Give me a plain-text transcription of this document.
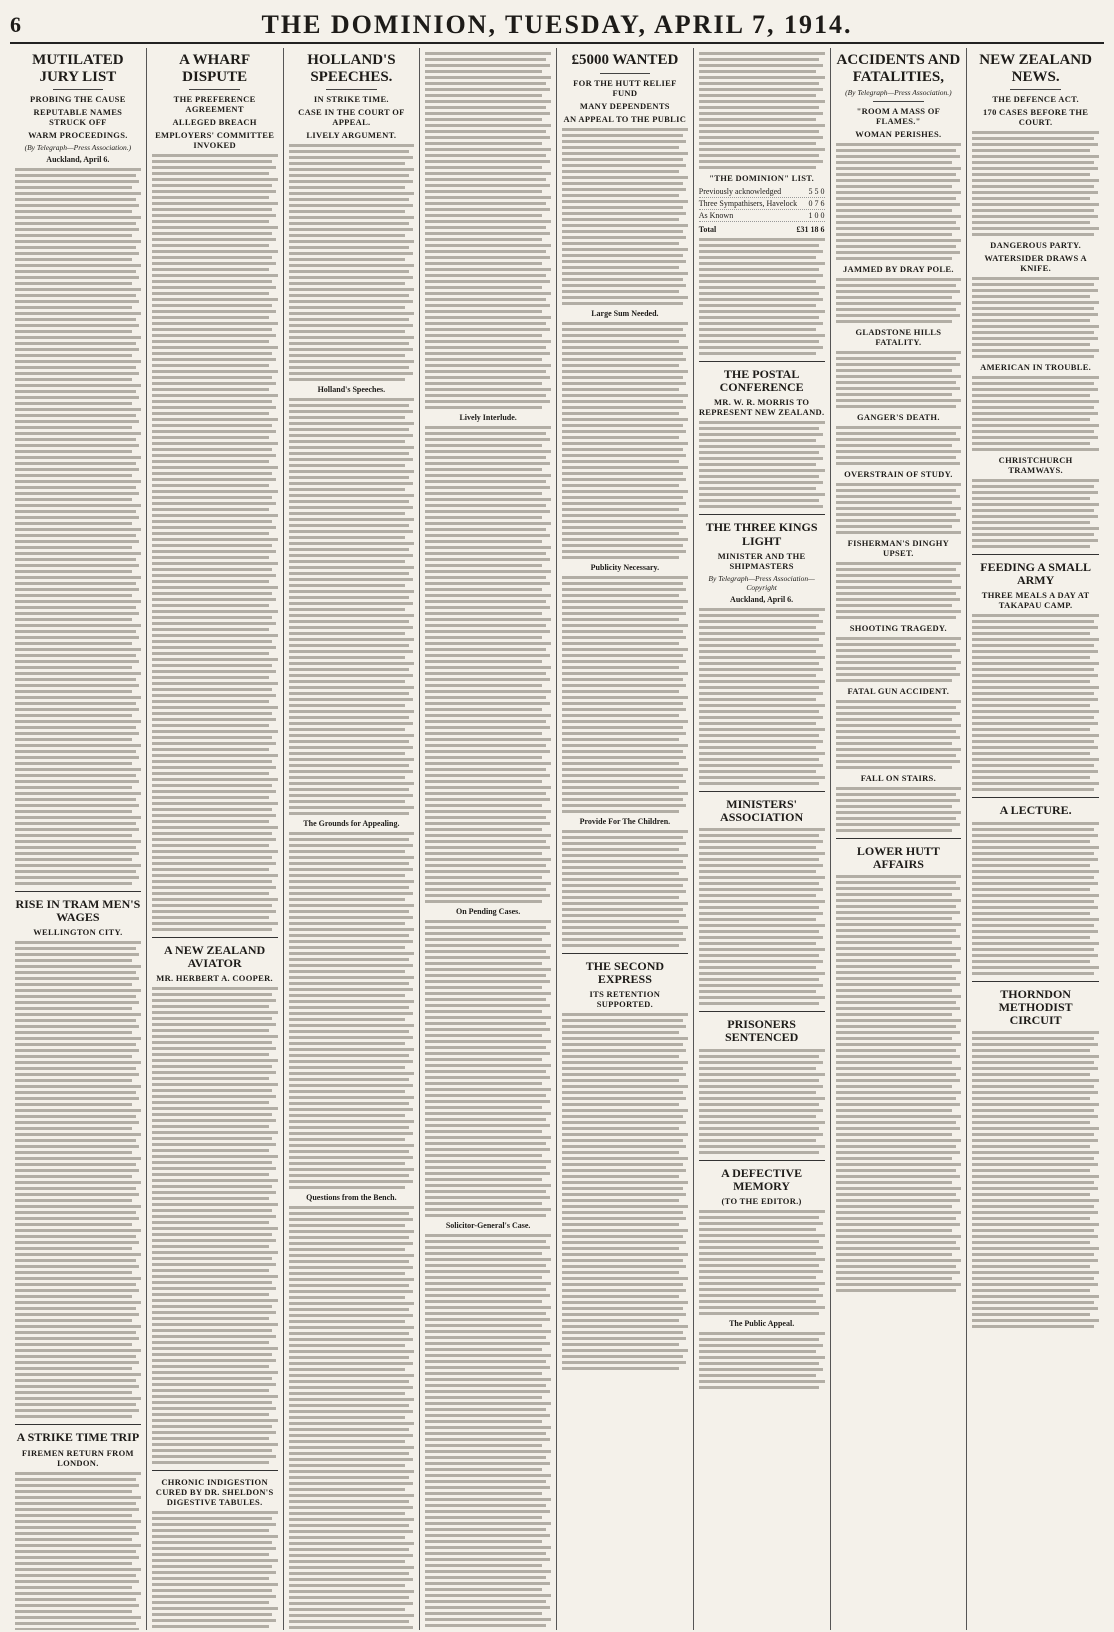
6	THE DOMINION, TUESDAY, APRIL 7, 1914.
MUTILATED JURY LIST
PROBING THE CAUSE
REPUTABLE NAMES STRUCK OFF
WARM PROCEEDINGS.
(By Telegraph—Press Association.)
Auckland, April 6.
RISE IN TRAM MEN'S WAGES
WELLINGTON CITY.
A STRIKE TIME TRIP
FIREMEN RETURN FROM LONDON.
A WHARF DISPUTE
THE PREFERENCE AGREEMENT
ALLEGED BREACH
EMPLOYERS' COMMITTEE INVOKED
A NEW ZEALAND AVIATOR
MR. HERBERT A. COOPER.
CHRONIC INDIGESTION CURED BY DR. SHELDON'S DIGESTIVE TABULES.
HOLLAND'S SPEECHES.
IN STRIKE TIME.
CASE IN THE COURT OF APPEAL.
LIVELY ARGUMENT.
Holland's Speeches.
The Grounds for Appealing.
Questions from the Bench.
Lively Interlude.
On Pending Cases.
Solicitor-General's Case.
£5000 WANTED
FOR THE HUTT RELIEF FUND
MANY DEPENDENTS
AN APPEAL TO THE PUBLIC
Large Sum Needed.
Publicity Necessary.
Provide For The Children.
THE SECOND EXPRESS
ITS RETENTION SUPPORTED.
"THE DOMINION" LIST.
Previously acknowledged	5 5 0
Three Sympathisers, Havelock 0 7 6
As Known	1 0 0
Total	£31 18 6
THE POSTAL CONFERENCE
MR. W. R. MORRIS TO REPRESENT NEW ZEALAND.
THE THREE KINGS LIGHT
MINISTER AND THE SHIPMASTERS
By Telegraph—Press Association—Copyright
Auckland, April 6.
MINISTERS' ASSOCIATION
PRISONERS SENTENCED
A DEFECTIVE MEMORY
(TO THE EDITOR.)
The Public Appeal.
ACCIDENTS AND FATALITIES,
(By Telegraph—Press Association.)
"ROOM A MASS OF FLAMES."
WOMAN PERISHES.
JAMMED BY DRAY POLE.
GLADSTONE HILLS FATALITY.
GANGER'S DEATH.
OVERSTRAIN OF STUDY.
FISHERMAN'S DINGHY UPSET.
SHOOTING TRAGEDY.
FATAL GUN ACCIDENT.
FALL ON STAIRS.
LOWER HUTT AFFAIRS
NEW ZEALAND NEWS.
THE DEFENCE ACT.
170 CASES BEFORE THE COURT.
DANGEROUS PARTY.
WATERSIDER DRAWS A KNIFE.
AMERICAN IN TROUBLE.
CHRISTCHURCH TRAMWAYS.
FEEDING A SMALL ARMY
THREE MEALS A DAY AT TAKAPAU CAMP.
A LECTURE.
THORNDON METHODIST CIRCUIT
